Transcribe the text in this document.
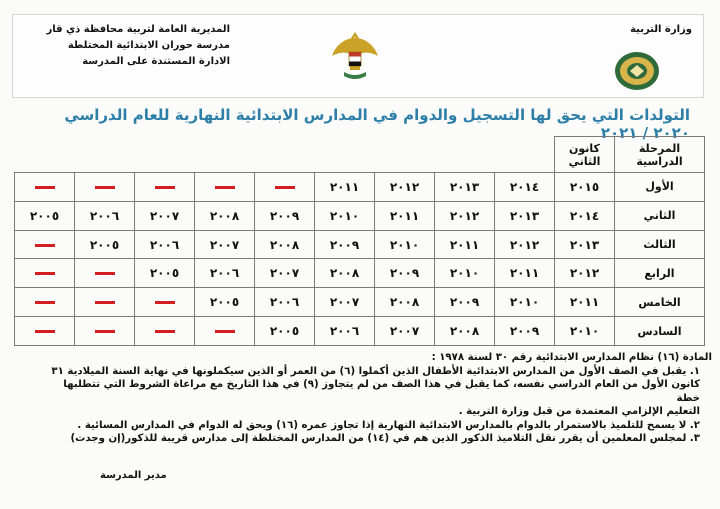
المديرية العامة لتربية محافظة ذي قار
مدرسة حوران الابتدائية المختلطة
الادارة المستندة على المدرسة
وزارة التربية
التولدات التي يحق لها التسجيل والدوام في المدارس الابتدائية النهارية للعام الدراسي ٢٠٢٠ / ٢٠٢١
المرحلة الدراسية	كانون الثاني									
الأول	٢٠١٥	٢٠١٤	٢٠١٣	٢٠١٢	٢٠١١					
الثاني	٢٠١٤	٢٠١٣	٢٠١٢	٢٠١١	٢٠١٠	٢٠٠٩	٢٠٠٨	٢٠٠٧	٢٠٠٦	٢٠٠٥
الثالث	٢٠١٣	٢٠١٢	٢٠١١	٢٠١٠	٢٠٠٩	٢٠٠٨	٢٠٠٧	٢٠٠٦	٢٠٠٥	
الرابع	٢٠١٢	٢٠١١	٢٠١٠	٢٠٠٩	٢٠٠٨	٢٠٠٧	٢٠٠٦	٢٠٠٥		
الخامس	٢٠١١	٢٠١٠	٢٠٠٩	٢٠٠٨	٢٠٠٧	٢٠٠٦	٢٠٠٥			
السادس	٢٠١٠	٢٠٠٩	٢٠٠٨	٢٠٠٧	٢٠٠٦	٢٠٠٥				

المادة (١٦) نظام المدارس الابتدائية رقم ٣٠ لسنة ١٩٧٨ :

١. يقبل في الصف الأول من المدارس الابتدائية الأطفال الذين أكملوا (٦) من العمر أو الذين سيكملونها في نهاية السنة الميلادية ٣١

كانون الأول من العام الدراسي نفسه، كما يقبل في هذا الصف من لم يتجاوز (٩) في هذا التاريخ مع مراعاة الشروط التي تتطلبها خطة

التعليم الإلزامي المعتمدة من قبل وزارة التربية .

٢. لا يسمح للتلميذ بالاستمرار بالدوام بالمدارس الابتدائية النهارية إذا تجاوز عمره (١٦) ويحق له الدوام في المدارس المسائية .

٣. لمجلس المعلمين أن يقرر نقل التلاميذ الذكور الذين هم في (١٤) من المدارس المختلطة إلى مدارس قريبة للذكور(إن وجدت)

مدير المدرسة
